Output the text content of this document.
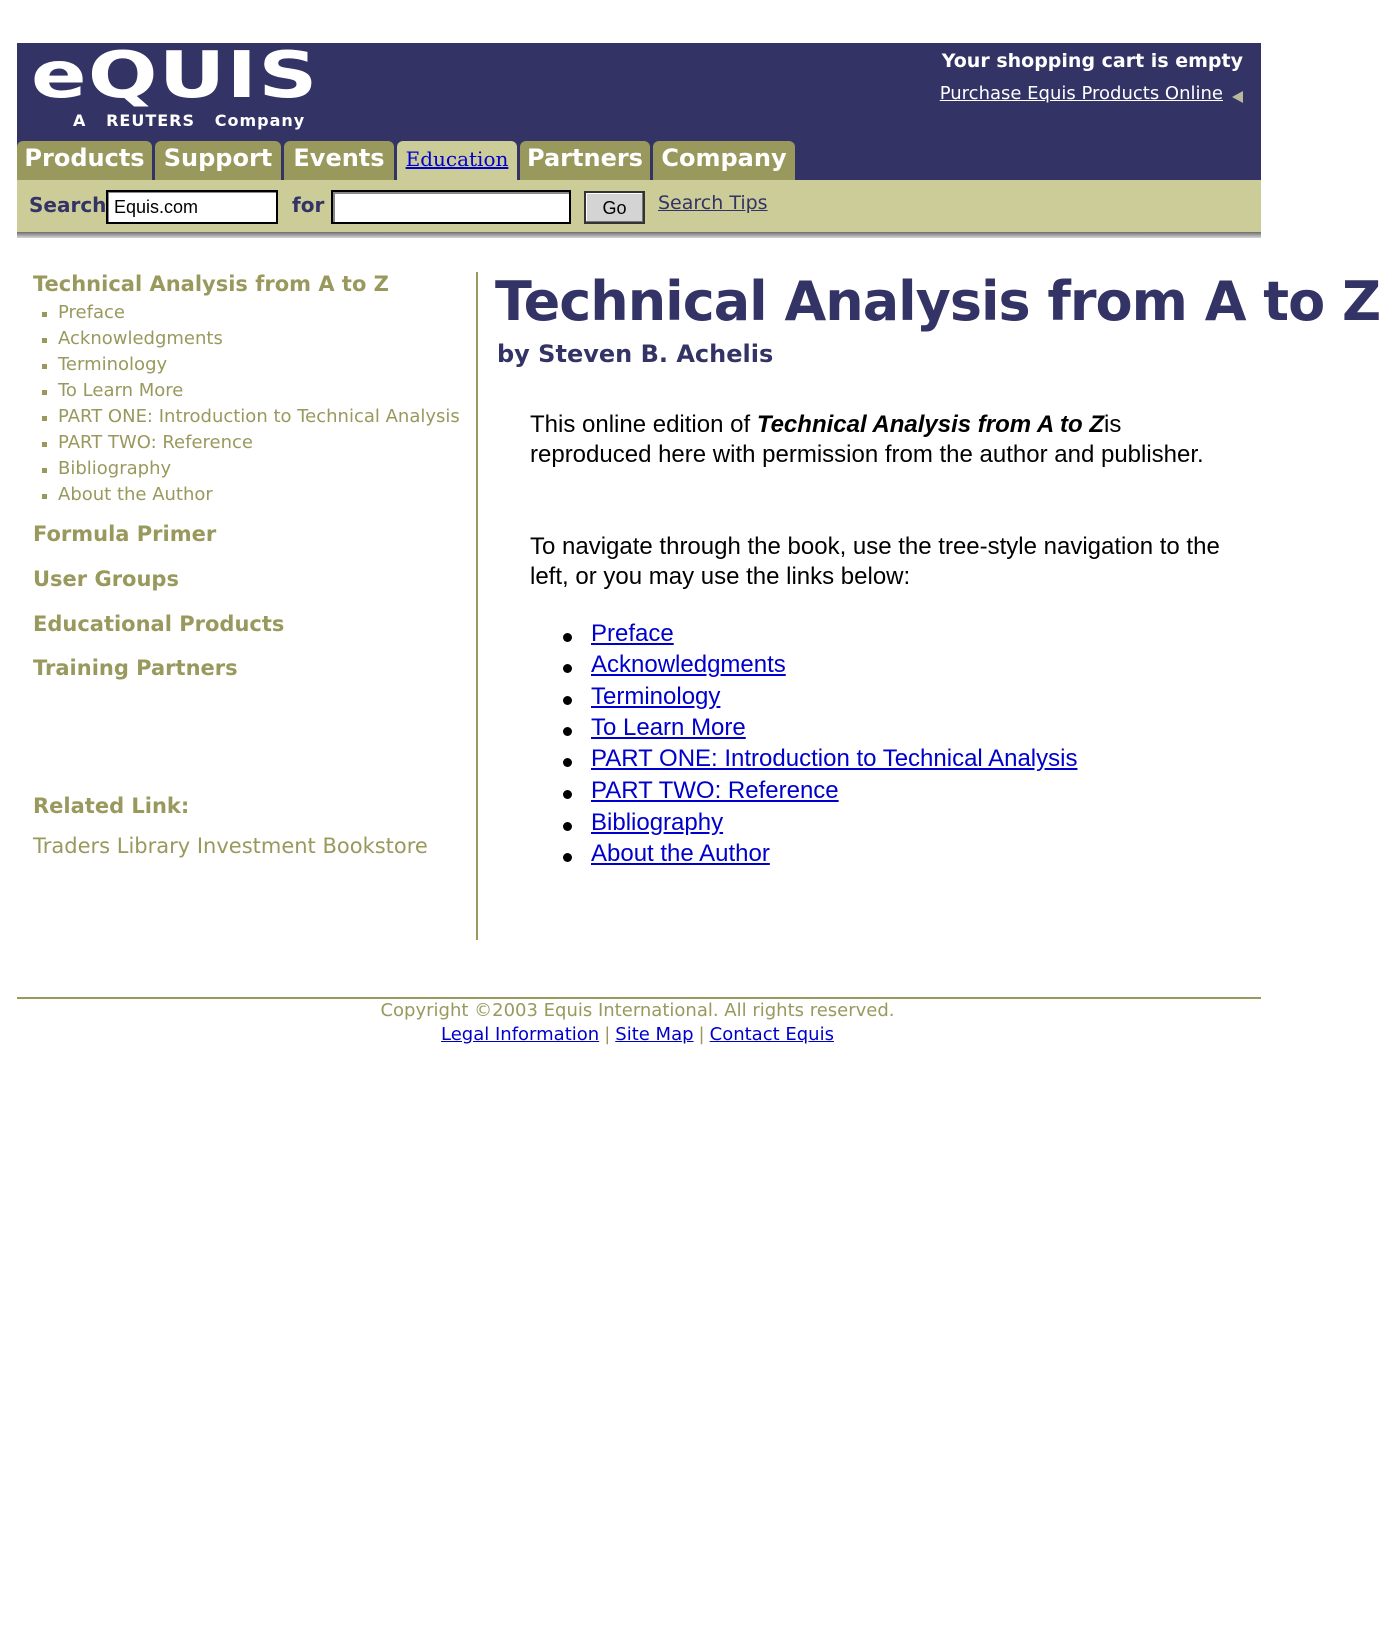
eQUIS
A   REUTERS   Company
Your shopping cart is empty
Purchase Equis Products Online
Products Support Events	Education Partners Company
Search Equis.com	for	Go	Search Tips
Technical Analysis from A to Z
Preface
Acknowledgments
Terminology
To Learn More
PART ONE: Introduction to Technical Analysis
PART TWO: Reference
Bibliography
About the Author
Formula Primer
User Groups
Educational Products
Training Partners
Related Link:
Traders Library Investment Bookstore
Technical Analysis from A to Z
by Steven B. Achelis

This online edition of Technical Analysis from A to Zis reproduced here with permission from the author and publisher.

To navigate through the book, use the tree-style navigation to the left, or you may use the links below:

Preface
Acknowledgments
Terminology
To Learn More
PART ONE: Introduction to Technical Analysis
PART TWO: Reference
Bibliography
About the Author
Copyright ©2003 Equis International. All rights reserved.
Legal Information | Site Map | Contact Equis
